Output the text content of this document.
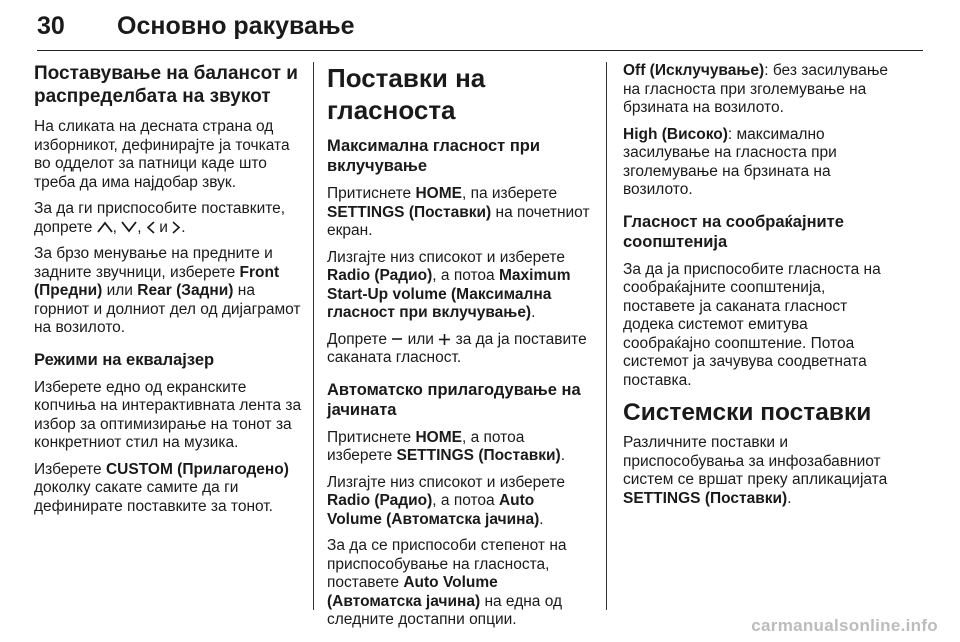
30 Основно ракување
Поставување на балансот и распределбата на звукот

На сликата на десната страна од изборникот, дефинирајте ја точката во одделот за патници каде што треба да има најдобар звук.

За да ги приспособите поставките, допрете , , и .

За брзо менување на предните и задните звучници, изберете Front (Предни) или Rear (Задни) на горниот и долниот дел од дијаграмот на возилото.

Режими на еквалајзер

Изберете едно од екранските копчиња на интерактивната лента за избор за оптимизирање на тонот за конкретниот стил на музика.

Изберете CUSTOM (Прилагодено) доколку сакате самите да ги дефинирате поставките за тонот.

Поставки на гласноста
Максимална гласност при вклучување

Притиснете HOME, па изберете SETTINGS (Поставки) на почетниот екран.

Лизгајте низ списокот и изберете Radio (Радио), а потоа Maximum Start-Up volume (Максимална гласност при вклучување).

Допрете или за да ја поставите саканата гласност.

Автоматско прилагодување на јачината

Притиснете HOME, а потоа изберете SETTINGS (Поставки).

Лизгајте низ списокот и изберете Radio (Радио), а потоа Auto Volume (Автоматска јачина).

За да се приспособи степенот на приспособување на гласноста, поставете Auto Volume (Автоматска јачина) на една од следните достапни опции.

Off (Исклучување): без засилување на гласноста при зголемување на брзината на возилото.

High (Високо): максимално засилување на гласноста при зголемување на брзината на возилото.

Гласност на сообраќајните соопштенија

За да ја приспособите гласноста на сообраќајните соопштенија, поставете ја саканата гласност додека системот емитува сообраќајно соопштение. Потоа системот ја зачувува соодветната поставка.

Системски поставки

Различните поставки и приспособувања за инфозабавниот систем се вршат преку апликацијата SETTINGS (Поставки).

carmanualsonline.info
